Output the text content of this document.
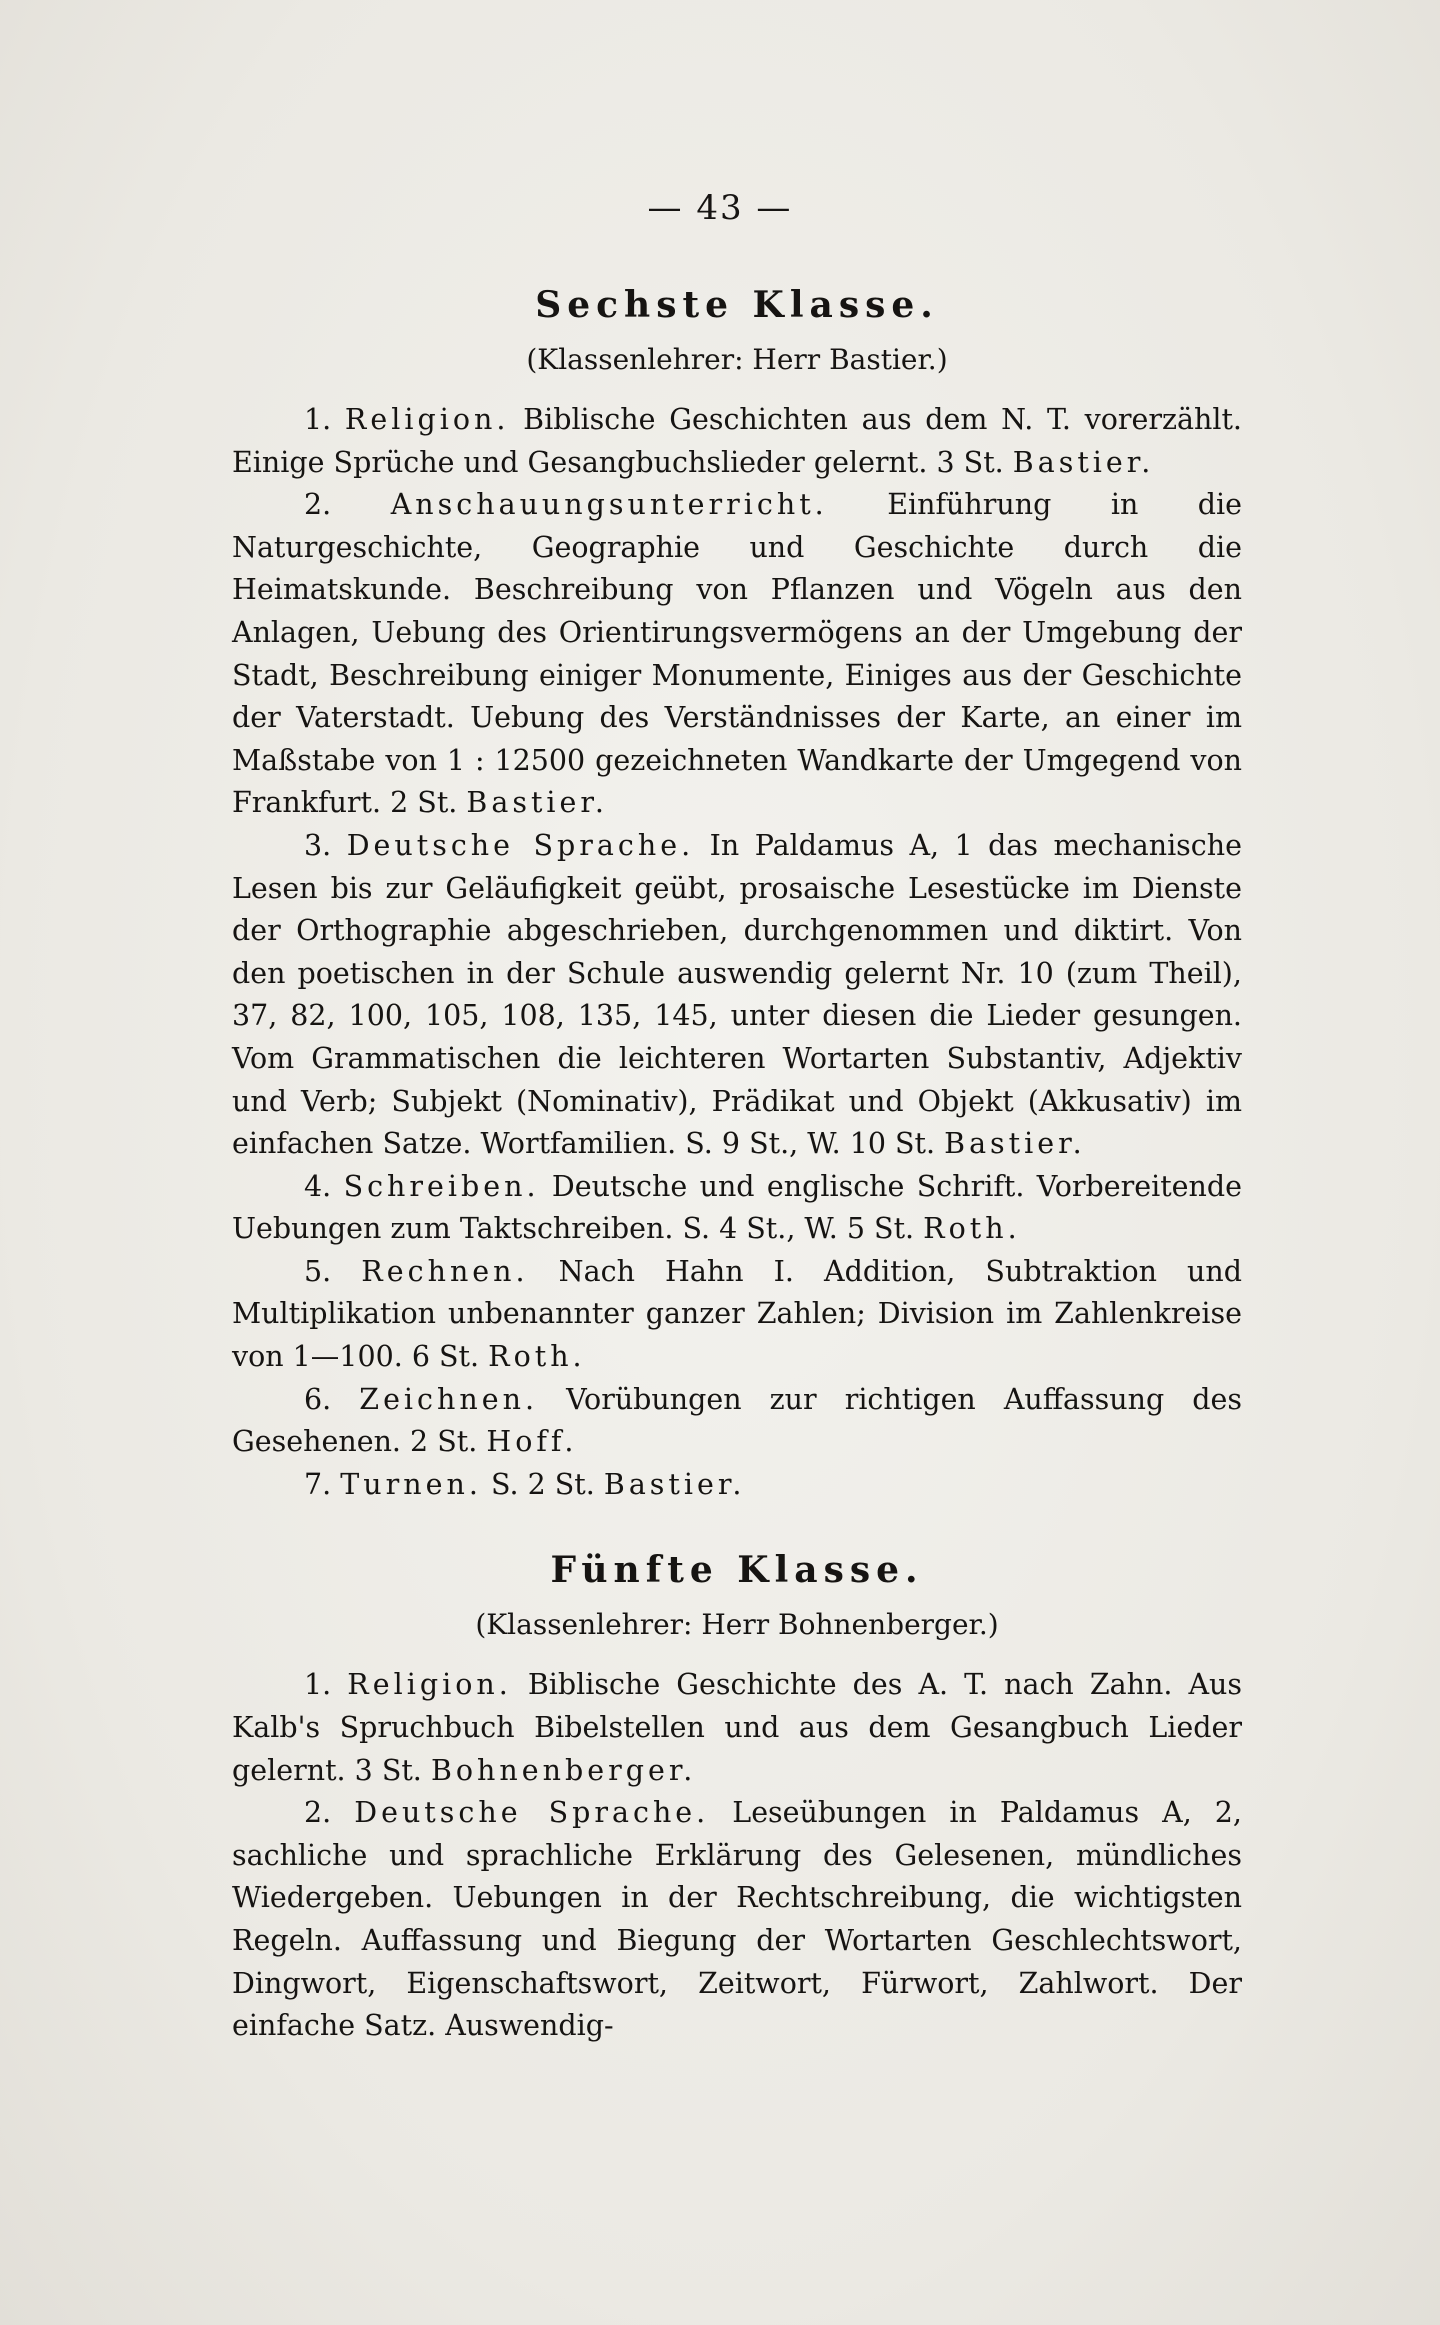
— 43 —

Sechste Klasse.

(Klassenlehrer: Herr Bastier.)

1. Religion. Biblische Geschichten aus dem N. T. vorerzählt. Einige Sprüche und Gesangbuchslieder gelernt. 3 St. Bastier.

2. Anschauungsunterricht. Einführung in die Naturgeschichte, Geographie und Geschichte durch die Heimatskunde. Beschreibung von Pflanzen und Vögeln aus den Anlagen, Uebung des Orientirungsvermögens an der Umgebung der Stadt, Beschreibung einiger Monumente, Einiges aus der Geschichte der Vaterstadt. Uebung des Verständnisses der Karte, an einer im Maßstabe von 1 : 12500 gezeichneten Wandkarte der Umgegend von Frankfurt. 2 St. Bastier.

3. Deutsche Sprache. In Paldamus A, 1 das mechanische Lesen bis zur Geläufigkeit geübt, prosaische Lesestücke im Dienste der Orthographie abgeschrieben, durchgenommen und diktirt. Von den poetischen in der Schule auswendig gelernt Nr. 10 (zum Theil), 37, 82, 100, 105, 108, 135, 145, unter diesen die Lieder gesungen. Vom Grammatischen die leichteren Wortarten Substantiv, Adjektiv und Verb; Subjekt (Nominativ), Prädikat und Objekt (Akkusativ) im einfachen Satze. Wortfamilien. S. 9 St., W. 10 St. Bastier.

4. Schreiben. Deutsche und englische Schrift. Vorbereitende Uebungen zum Taktschreiben. S. 4 St., W. 5 St. Roth.

5. Rechnen. Nach Hahn I. Addition, Subtraktion und Multiplikation unbenannter ganzer Zahlen; Division im Zahlenkreise von 1—100. 6 St. Roth.

6. Zeichnen. Vorübungen zur richtigen Auffassung des Gesehenen. 2 St. Hoff.

7. Turnen. S. 2 St. Bastier.

Fünfte Klasse.

(Klassenlehrer: Herr Bohnenberger.)

1. Religion. Biblische Geschichte des A. T. nach Zahn. Aus Kalb's Spruchbuch Bibelstellen und aus dem Gesangbuch Lieder gelernt. 3 St. Bohnenberger.

2. Deutsche Sprache. Leseübungen in Paldamus A, 2, sachliche und sprachliche Erklärung des Gelesenen, mündliches Wiedergeben. Uebungen in der Rechtschreibung, die wichtigsten Regeln. Auffassung und Biegung der Wortarten Geschlechtswort, Dingwort, Eigenschaftswort, Zeitwort, Fürwort, Zahlwort. Der einfache Satz. Auswendig-
